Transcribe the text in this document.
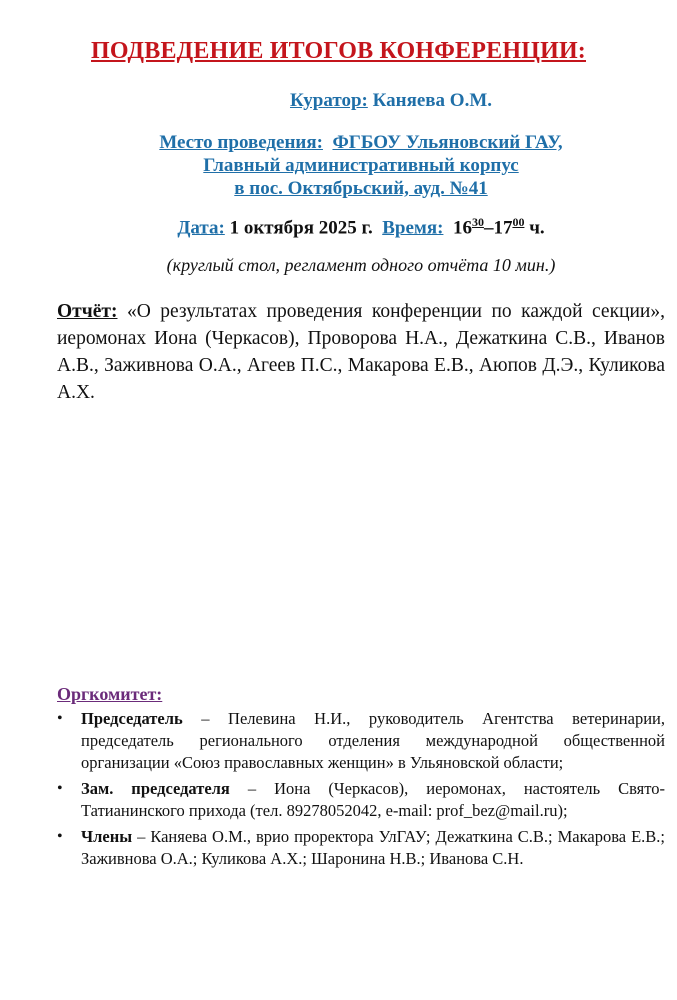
ПОДВЕДЕНИЕ ИТОГОВ КОНФЕРЕНЦИИ:
Куратор: Каняева О.М.
Место проведения: ФГБОУ Ульяновский ГАУ,
Главный административный корпус
в пос. Октябрьский, ауд. №41
Дата: 1 октября 2025 г. Время: $16^{30}-17^{00}$ ч.
(круглый стол, регламент одного отчёта 10 мин.)
Отчёт: «О результатах проведения конференции по каждой секции», иеромонах Иона (Черкасов), Проворова Н.А., Дежаткина С.В., Иванов А.В., Заживнова О.А., Агеев П.С., Макарова Е.В., Аюпов Д.Э., Куликова А.Х.
Оргкомитет:
• Председатель – Пелевина Н.И., руководитель Агентства ветеринарии, председатель регионального отделения международной общественной организации «Союз православных женщин» в Ульяновской области;
• Зам. председателя – Иона (Черкасов), иеромонах, настоятель Свято-Татианинского прихода (тел. 89278052042, e-mail: prof_bez@mail.ru);
• Члены – Каняева О.М., врио проректора УлГАУ; Дежаткина С.В.; Макарова Е.В.; Заживнова О.А.; Куликова А.Х.; Шаронина Н.В.; Иванова С.Н.
